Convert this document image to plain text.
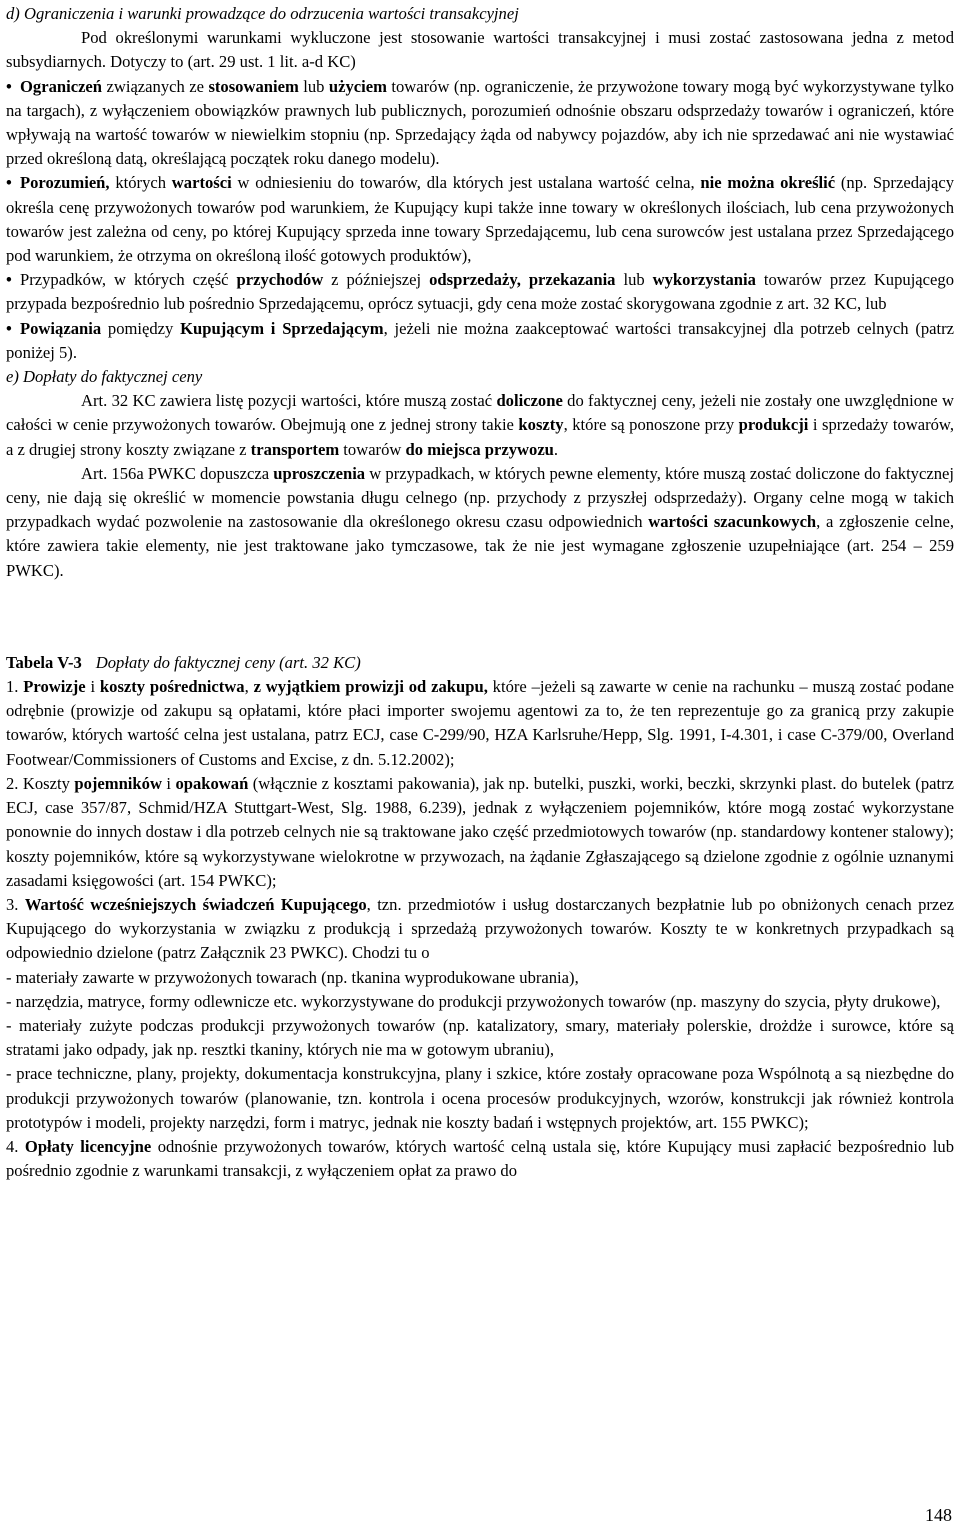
d) Ograniczenia i warunki prowadzące do odrzucenia wartości transakcyjnej

Pod określonymi warunkami wykluczone jest stosowanie wartości transakcyjnej i musi zostać zastosowana jedna z metod subsydiarnych. Dotyczy to (art. 29 ust. 1 lit. a-d KC)

• Ograniczeń związanych ze stosowaniem lub użyciem towarów (np. ograniczenie, że przywożone towary mogą być wykorzystywane tylko na targach), z wyłączeniem obowiązków prawnych lub publicznych, porozumień odnośnie obszaru odsprzedaży towarów i ograniczeń, które wpływają na wartość towarów w niewielkim stopniu (np. Sprzedający żąda od nabywcy pojazdów, aby ich nie sprzedawać ani nie wystawiać przed określoną datą, określającą początek roku danego modelu).

• Porozumień, których wartości w odniesieniu do towarów, dla których jest ustalana wartość celna, nie można określić (np. Sprzedający określa cenę przywożonych towarów pod warunkiem, że Kupujący kupi także inne towary w określonych ilościach, lub cena przywożonych towarów jest zależna od ceny, po której Kupujący sprzeda inne towary Sprzedającemu, lub cena surowców jest ustalana przez Sprzedającego pod warunkiem, że otrzyma on określoną ilość gotowych produktów),

• Przypadków, w których część przychodów z późniejszej odsprzedaży, przekazania lub wykorzystania towarów przez Kupującego przypada bezpośrednio lub pośrednio Sprzedającemu, oprócz sytuacji, gdy cena może zostać skorygowana zgodnie z art. 32 KC, lub

• Powiązania pomiędzy Kupującym i Sprzedającym, jeżeli nie można zaakceptować wartości transakcyjnej dla potrzeb celnych (patrz poniżej 5).

e) Dopłaty do faktycznej ceny

Art. 32 KC zawiera listę pozycji wartości, które muszą zostać doliczone do faktycznej ceny, jeżeli nie zostały one uwzględnione w całości w cenie przywożonych towarów. Obejmują one z jednej strony takie koszty, które są ponoszone przy produkcji i sprzedaży towarów, a z drugiej strony koszty związane z transportem towarów do miejsca przywozu.

Art. 156a PWKC dopuszcza uproszczenia w przypadkach, w których pewne elementy, które muszą zostać doliczone do faktycznej ceny, nie dają się określić w momencie powstania długu celnego (np. przychody z przyszłej odsprzedaży). Organy celne mogą w takich przypadkach wydać pozwolenie na zastosowanie dla określonego okresu czasu odpowiednich wartości szacunkowych, a zgłoszenie celne, które zawiera takie elementy, nie jest traktowane jako tymczasowe, tak że nie jest wymagane zgłoszenie uzupełniające (art. 254 – 259 PWKC).

Tabela V-3 Dopłaty do faktycznej ceny (art. 32 KC)

1. Prowizje i koszty pośrednictwa, z wyjątkiem prowizji od zakupu, które –jeżeli są zawarte w cenie na rachunku – muszą zostać podane odrębnie (prowizje od zakupu są opłatami, które płaci importer swojemu agentowi za to, że ten reprezentuje go za granicą przy zakupie towarów, których wartość celna jest ustalana, patrz ECJ, case C-299/90, HZA Karlsruhe/Hepp, Slg. 1991, I-4.301, i case C-379/00, Overland Footwear/Commissioners of Customs and Excise, z dn. 5.12.2002);

2. Koszty pojemników i opakowań (włącznie z kosztami pakowania), jak np. butelki, puszki, worki, beczki, skrzynki plast. do butelek (patrz ECJ, case 357/87, Schmid/HZA Stuttgart-West, Slg. 1988, 6.239), jednak z wyłączeniem pojemników, które mogą zostać wykorzystane ponownie do innych dostaw i dla potrzeb celnych nie są traktowane jako część przedmiotowych towarów (np. standardowy kontener stalowy); koszty pojemników, które są wykorzystywane wielokrotne w przywozach, na żądanie Zgłaszającego są dzielone zgodnie z ogólnie uznanymi zasadami księgowości (art. 154 PWKC);

3. Wartość wcześniejszych świadczeń Kupującego, tzn. przedmiotów i usług dostarczanych bezpłatnie lub po obniżonych cenach przez Kupującego do wykorzystania w związku z produkcją i sprzedażą przywożonych towarów. Koszty te w konkretnych przypadkach są odpowiednio dzielone (patrz Załącznik 23 PWKC). Chodzi tu o

- materiały zawarte w przywożonych towarach (np. tkanina wyprodukowane ubrania),

- narzędzia, matryce, formy odlewnicze etc. wykorzystywane do produkcji przywożonych towarów (np. maszyny do szycia, płyty drukowe),

- materiały zużyte podczas produkcji przywożonych towarów (np. katalizatory, smary, materiały polerskie, drożdże i surowce, które są stratami jako odpady, jak np. resztki tkaniny, których nie ma w gotowym ubraniu),

- prace techniczne, plany, projekty, dokumentacja konstrukcyjna, plany i szkice, które zostały opracowane poza Wspólnotą a są niezbędne do produkcji przywożonych towarów (planowanie, tzn. kontrola i ocena procesów produkcyjnych, wzorów, konstrukcji jak również kontrola prototypów i modeli, projekty narzędzi, form i matryc, jednak nie koszty badań i wstępnych projektów, art. 155 PWKC);

4. Opłaty licencyjne odnośnie przywożonych towarów, których wartość celną ustala się, które Kupujący musi zapłacić bezpośrednio lub pośrednio zgodnie z warunkami transakcji, z wyłączeniem opłat za prawo do

148
